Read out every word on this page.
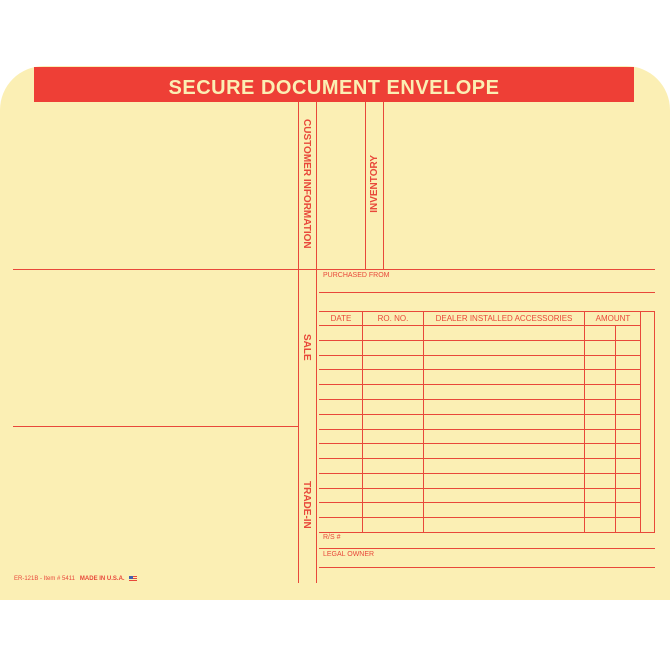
SECURE DOCUMENT ENVELOPE
CUSTOMER INFORMATION	INVENTORY
SALE
TRADE-IN
PURCHASED FROM
DATE	RO. NO.	DEALER INSTALLED ACCESSORIES	AMOUNT
R/S #
LEGAL OWNER
ER-121B - Item # 5411 MADE IN U.S.A.
